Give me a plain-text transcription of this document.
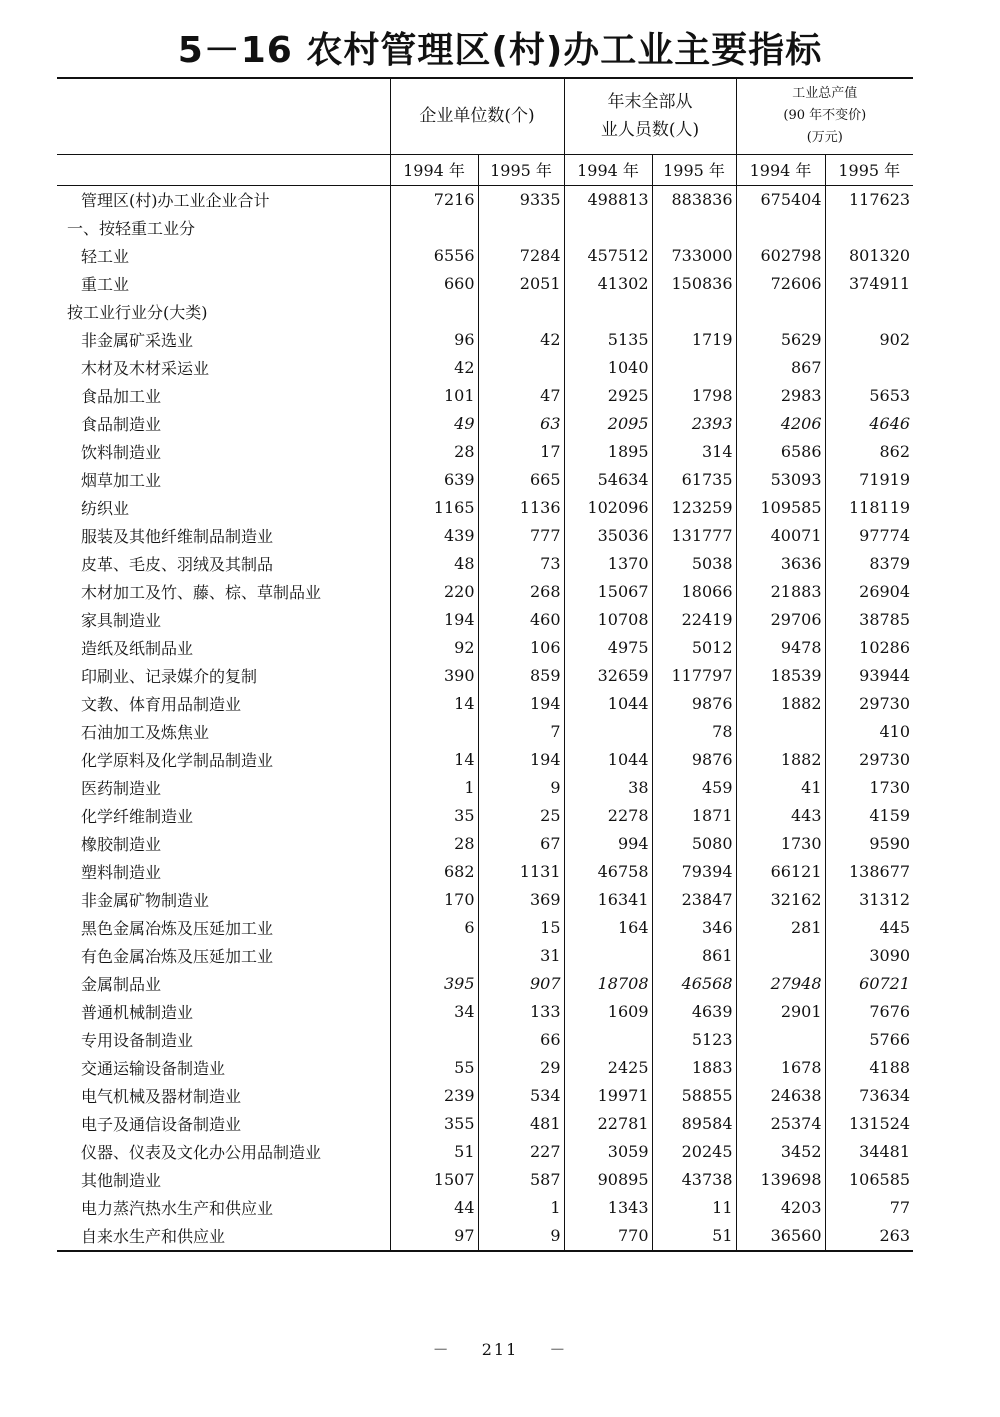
5－16 农村管理区(村)办工业主要指标
	企业单位数(个)		年末全部从
业人员数(人)		工业总产值
(90 年不变价)
(万元)	

	1994 年	1995 年	1994 年	1995 年	1994 年	1995 年
管理区(村)办工业企业合计	7216	9335	498813	883836	675404	117623
一、按轻重工业分						
轻工业	6556	7284	457512	733000	602798	801320
重工业	660	2051	41302	150836	72606	374911
按工业行业分(大类)						
非金属矿采选业	96	42	5135	1719	5629	902
木材及木材采运业	42		1040		867	
食品加工业	101	47	2925	1798	2983	5653
食品制造业	49	63	2095	2393	4206	4646
饮料制造业	28	17	1895	314	6586	862
烟草加工业	639	665	54634	61735	53093	71919
纺织业	1165	1136	102096	123259	109585	118119
服装及其他纤维制品制造业	439	777	35036	131777	40071	97774
皮革、毛皮、羽绒及其制品	48	73	1370	5038	3636	8379
木材加工及竹、藤、棕、草制品业	220	268	15067	18066	21883	26904
家具制造业	194	460	10708	22419	29706	38785
造纸及纸制品业	92	106	4975	5012	9478	10286
印刷业、记录媒介的复制	390	859	32659	117797	18539	93944
文教、体育用品制造业	14	194	1044	9876	1882	29730
石油加工及炼焦业		7		78		410
化学原料及化学制品制造业	14	194	1044	9876	1882	29730
医药制造业	1	9	38	459	41	1730
化学纤维制造业	35	25	2278	1871	443	4159
橡胶制造业	28	67	994	5080	1730	9590
塑料制造业	682	1131	46758	79394	66121	138677
非金属矿物制造业	170	369	16341	23847	32162	31312
黑色金属冶炼及压延加工业	6	15	164	346	281	445
有色金属冶炼及压延加工业		31		861		3090
金属制品业	395	907	18708	46568	27948	60721
普通机械制造业	34	133	1609	4639	2901	7676
专用设备制造业		66		5123		5766
交通运输设备制造业	55	29	2425	1883	1678	4188
电气机械及器材制造业	239	534	19971	58855	24638	73634
电子及通信设备制造业	355	481	22781	89584	25374	131524
仪器、仪表及文化办公用品制造业	51	227	3059	20245	3452	34481
其他制造业	1507	587	90895	43738	139698	106585
电力蒸汽热水生产和供应业	44	1	1343	11	4203	77
自来水生产和供应业	97	9	770	51	36560	263
－ 211 －
